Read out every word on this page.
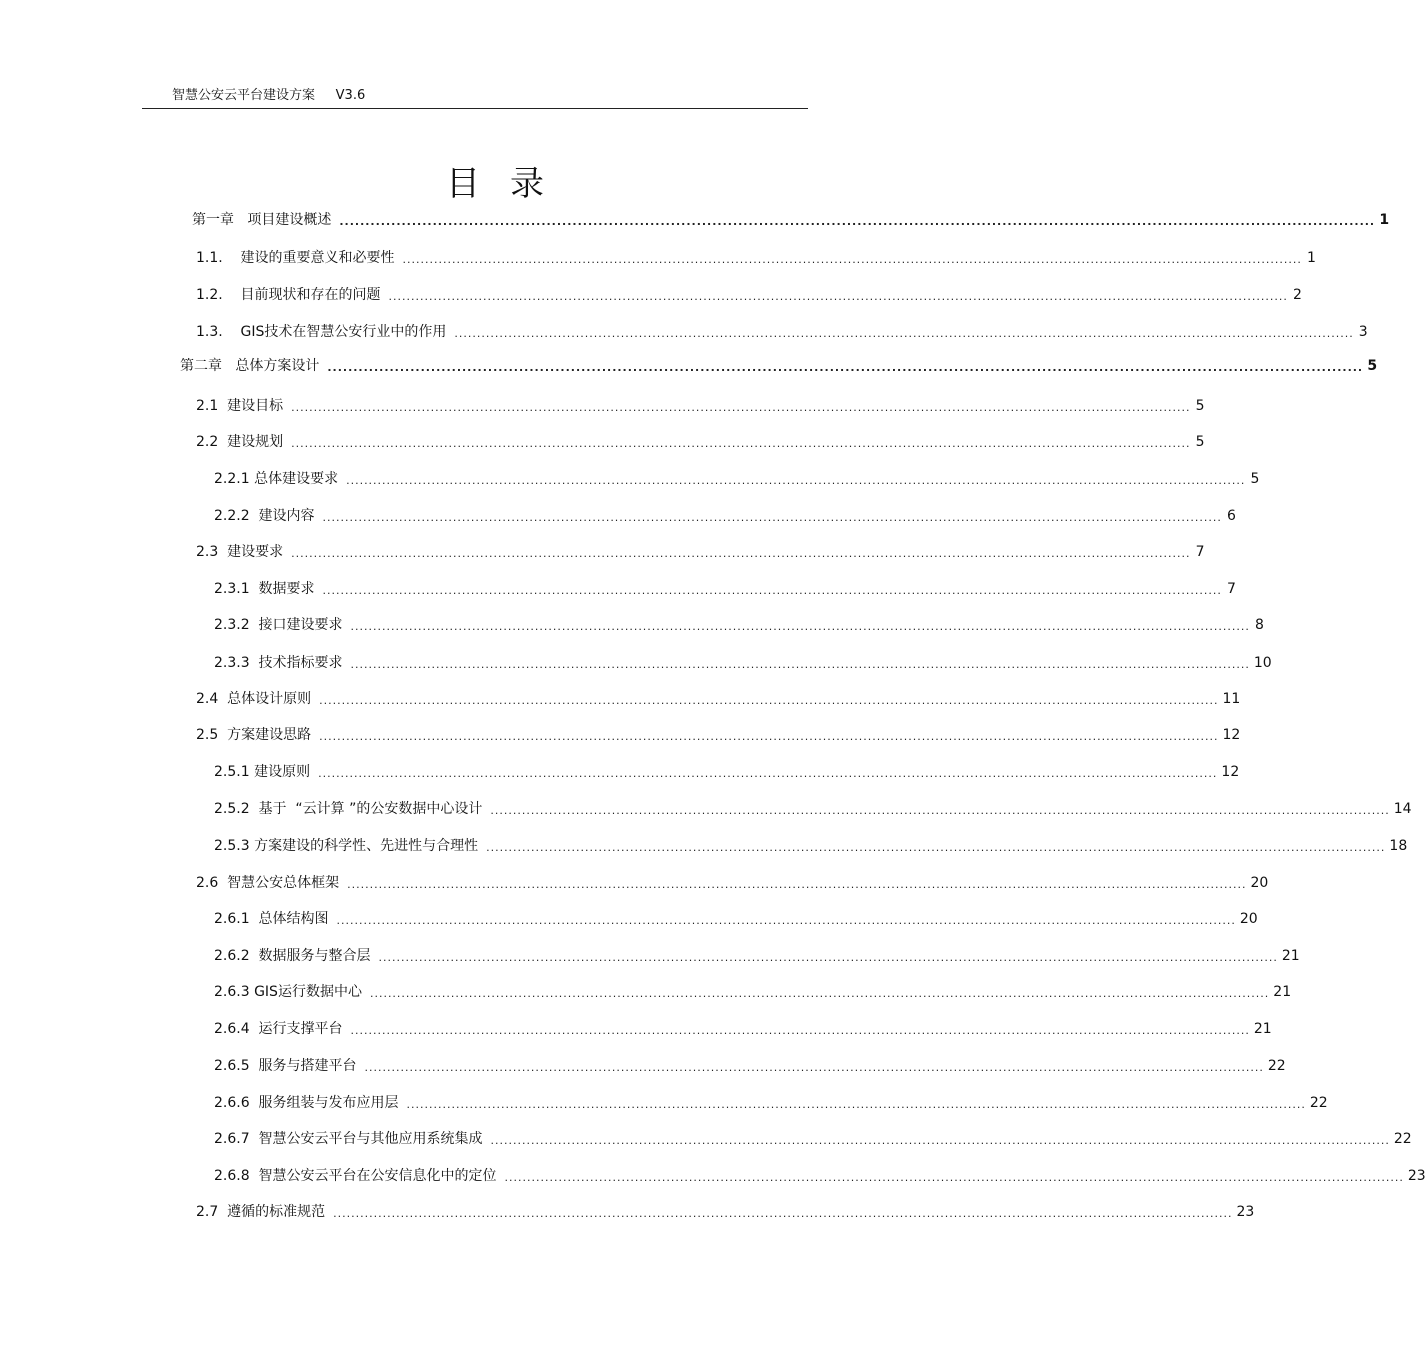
智慧公安云平台建设方案     V3.6
目录
第一章 项目建设概述 ........................................................................................................................................................................................................ 1
1.1. 建设的重要意义和必要性 ........................................................................................................................................................................................................ 1
1.2. 目前现状和存在的问题 ........................................................................................................................................................................................................ 2
1.3. GIS技术在智慧公安行业中的作用 ........................................................................................................................................................................................................ 3
第二章 总体方案设计 ........................................................................................................................................................................................................ 5
2.1 建设目标 ........................................................................................................................................................................................................ 5
2.2 建设规划 ........................................................................................................................................................................................................ 5
2.2.1 总体建设要求 ........................................................................................................................................................................................................ 5
2.2.2 建设内容 ........................................................................................................................................................................................................ 6
2.3 建设要求 ........................................................................................................................................................................................................ 7
2.3.1 数据要求 ........................................................................................................................................................................................................ 7
2.3.2 接口建设要求 ........................................................................................................................................................................................................ 8
2.3.3 技术指标要求 ........................................................................................................................................................................................................ 10
2.4 总体设计原则 ........................................................................................................................................................................................................ 11
2.5 方案建设思路 ........................................................................................................................................................................................................ 12
2.5.1 建设原则 ........................................................................................................................................................................................................ 12
2.5.2 基于  “云计算 ”的公安数据中心设计 ........................................................................................................................................................................................................ 14
2.5.3 方案建设的科学性、先进性与合理性 ........................................................................................................................................................................................................ 18
2.6 智慧公安总体框架 ........................................................................................................................................................................................................ 20
2.6.1 总体结构图 ........................................................................................................................................................................................................ 20
2.6.2 数据服务与整合层 ........................................................................................................................................................................................................ 21
2.6.3 GIS运行数据中心 ........................................................................................................................................................................................................ 21
2.6.4 运行支撑平台 ........................................................................................................................................................................................................ 21
2.6.5 服务与搭建平台 ........................................................................................................................................................................................................ 22
2.6.6 服务组装与发布应用层 ........................................................................................................................................................................................................ 22
2.6.7 智慧公安云平台与其他应用系统集成 ........................................................................................................................................................................................................ 22
2.6.8 智慧公安云平台在公安信息化中的定位 ........................................................................................................................................................................................................ 23
2.7 遵循的标准规范 ........................................................................................................................................................................................................ 23
